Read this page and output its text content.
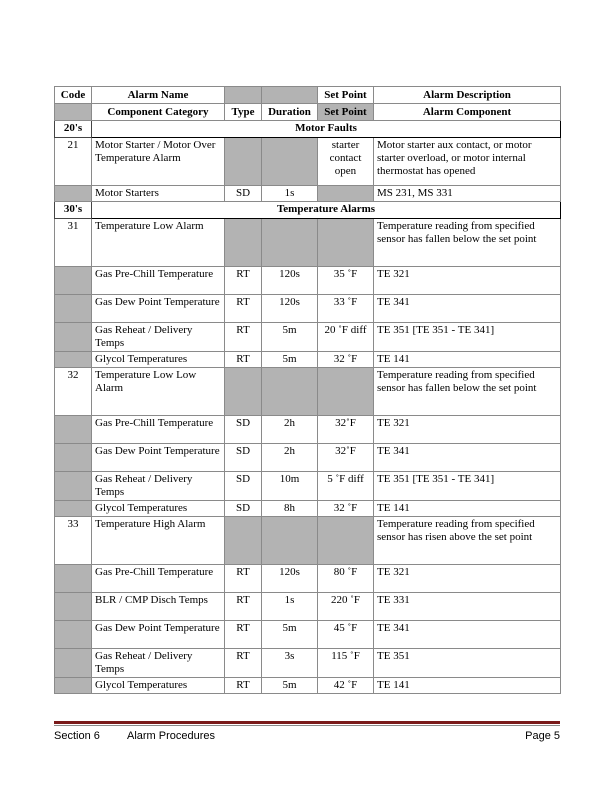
Code	Alarm Name			Set Point	Alarm Description
	Component Category	Type	Duration	Set Point	Alarm Component
20's	Motor Faults				
21	Motor Starter / Motor Over Temperature Alarm			starter contact open	Motor starter aux contact, or motor starter overload, or motor internal thermostat has opened
	Motor Starters	SD	1s		MS 231, MS 331
30's	Temperature Alarms				
31	Temperature Low Alarm				Temperature reading from specified sensor has fallen below the set point
	Gas Pre-Chill Temperature	RT	120s	35 ˚F	TE 321
	Gas Dew Point Temperature	RT	120s	33 ˚F	TE 341
	Gas Reheat / Delivery Temps	RT	5m	20 ˚F diff	TE 351 [TE 351 - TE 341]
	Glycol Temperatures	RT	5m	32 ˚F	TE 141
32	Temperature Low Low Alarm				Temperature reading from specified sensor has fallen below the set point
	Gas Pre-Chill Temperature	SD	2h	32˚F	TE 321
	Gas Dew Point Temperature	SD	2h	32˚F	TE 341
	Gas Reheat / Delivery Temps	SD	10m	5 ˚F diff	TE 351 [TE 351 - TE 341]
	Glycol Temperatures	SD	8h	32 ˚F	TE 141
33	Temperature High Alarm				Temperature reading from specified sensor has risen above the set point
	Gas Pre-Chill Temperature	RT	120s	80 ˚F	TE 321
	BLR / CMP Disch Temps	RT	1s	220 ˚F	TE 331
	Gas Dew Point Temperature	RT	5m	45 ˚F	TE 341
	Gas Reheat / Delivery Temps	RT	3s	115 ˚F	TE 351
	Glycol Temperatures	RT	5m	42 ˚F	TE 141
Section 6 Alarm Procedures	Page 5
